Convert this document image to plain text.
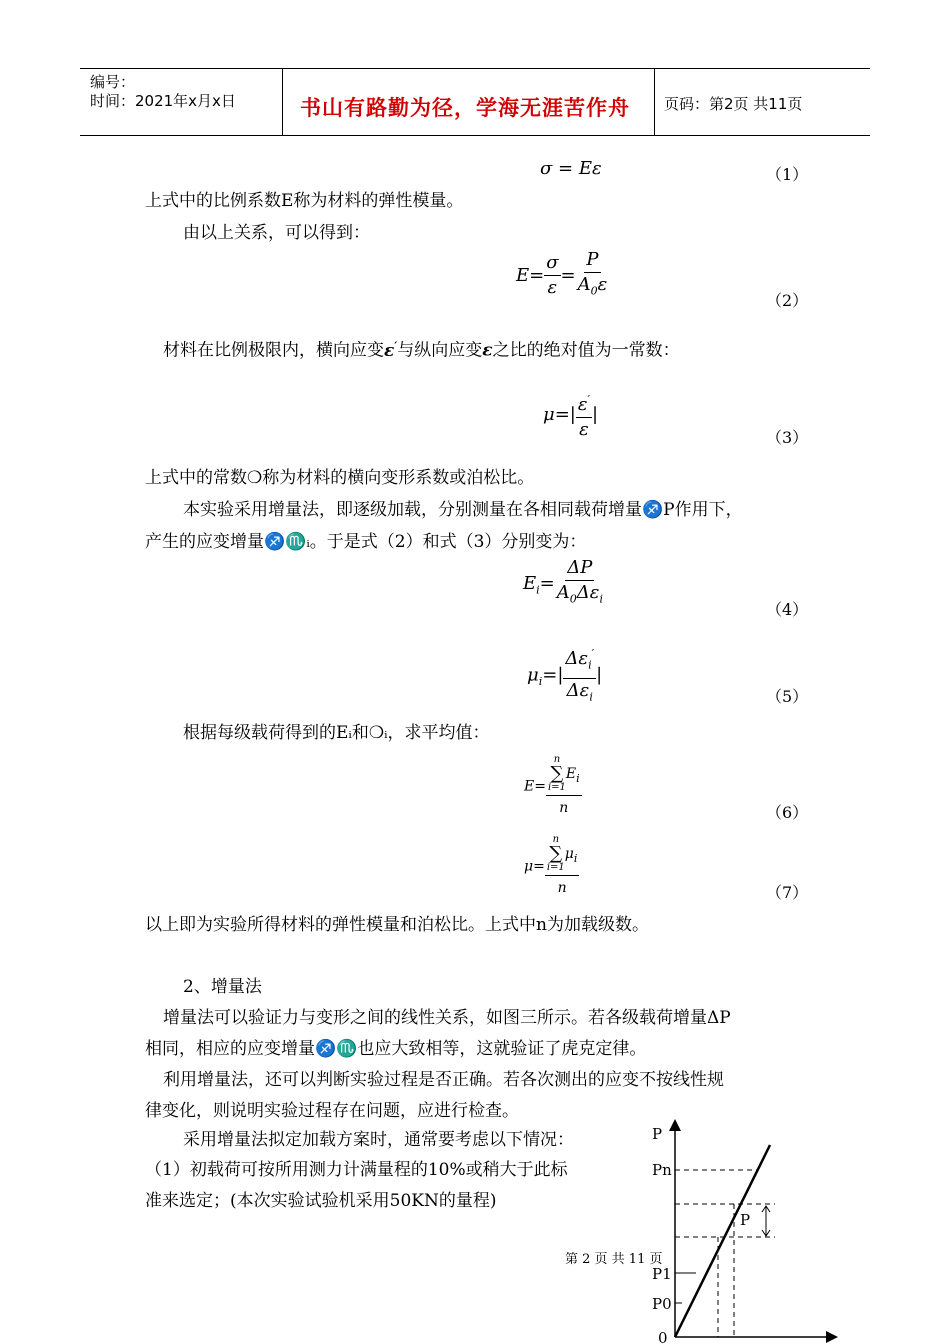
编号：
时间：2021年x月x日	书山有路勤为径，学海无涯苦作舟 页码：第2页 共11页
σ = Eε	（1）
上式中的比例系数E称为材料的弹性模量。
由以上关系，可以得到：
$E= \frac{\sigma}{\varepsilon} = \frac{P}{A_0\varepsilon}$	（2）
材料在比例极限内，横向应变ε′与纵向应变ε之比的绝对值为一常数：
$\mu=| \frac{\varepsilon'}{\varepsilon}$ |
（3）
上式中的常数❍称为材料的横向变形系数或泊松比。
本实验采用增量法，即逐级加载，分别测量在各相同载荷增量♐P作用下，
产生的应变增量♐♏ᵢ。于是式（2）和式（3）分别变为：
$E_i= \frac{\Delta P}{A_0\Delta\varepsilon_i}$	（4）
$\mu_i=| \frac{\Delta\varepsilon_i'}{\Delta\varepsilon_i}$ |
（5）
根据每级载荷得到的Eᵢ和❍ᵢ，求平均值：
E= n
∑
i=1
$E_i$
n	（6）
μ= n
∑
i=1
$\mu_i$
n	（7）
以上即为实验所得材料的弹性模量和泊松比。上式中n为加载级数。
2、增量法
增量法可以验证力与变形之间的线性关系，如图三所示。若各级载荷增量ΔP
相同，相应的应变增量♐♏也应大致相等，这就验证了虎克定律。
利用增量法，还可以判断实验过程是否正确。若各次测出的应变不按线性规
律变化，则说明实验过程存在问题，应进行检查。
采用增量法拟定加载方案时，通常要考虑以下情况：
（1）初载荷可按所用测力计满量程的10%或稍大于此标
准来选定；(本次实验试验机采用50KN的量程)
第 2 页 共 11 页
P
Pn
P1
P0
0
P
